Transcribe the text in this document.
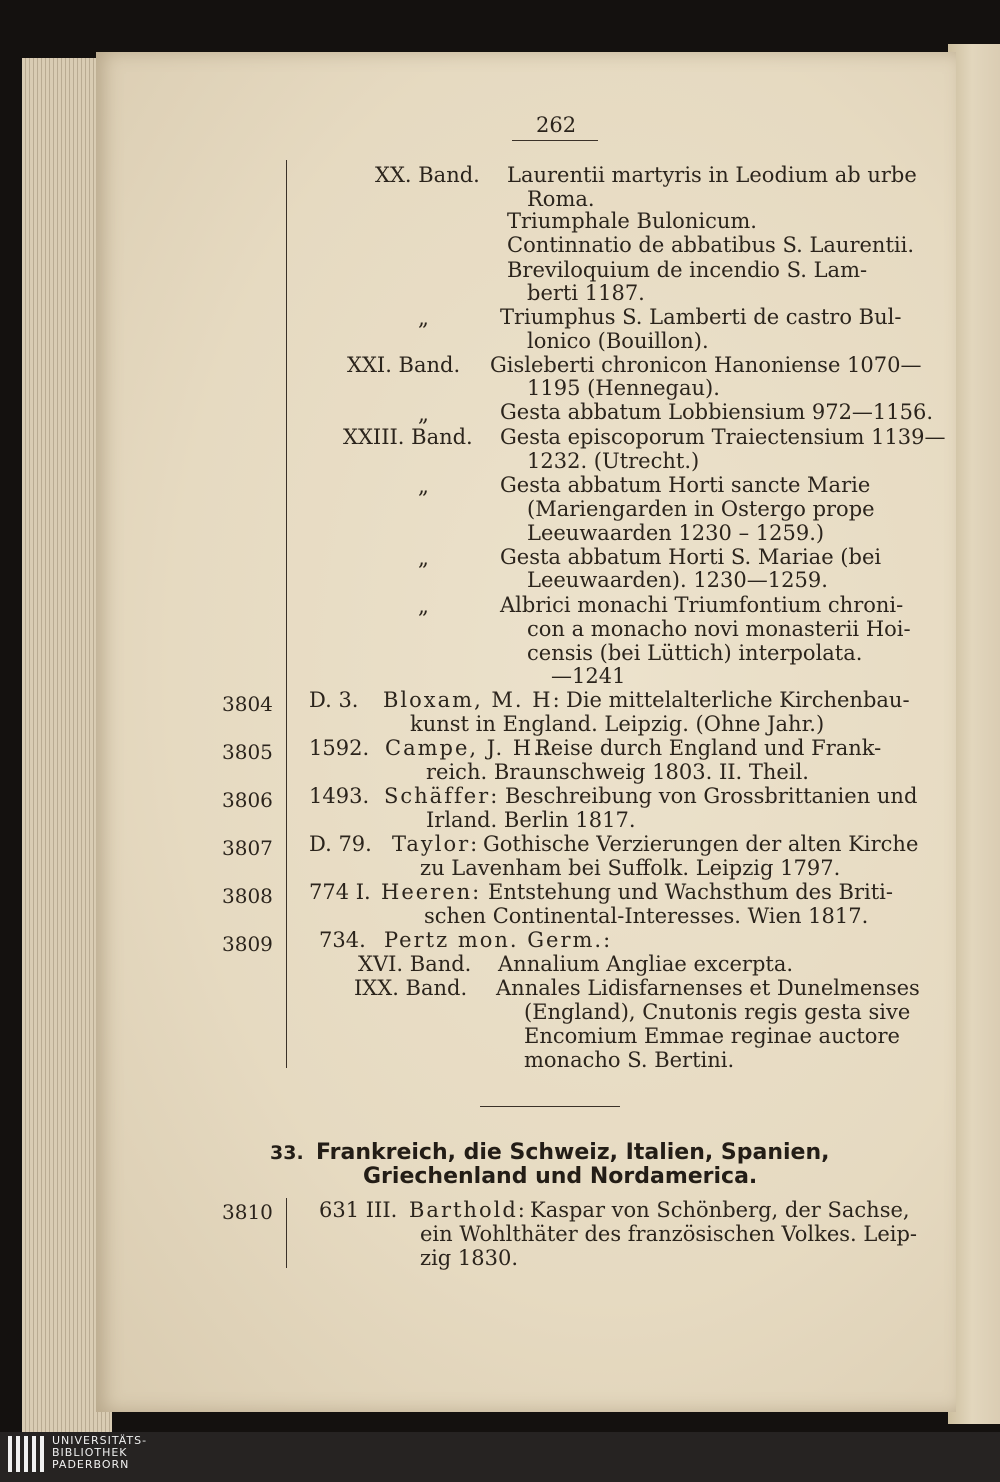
262
XX. Band. Laurentii martyris in Leodium ab urbe
Roma.
Triumphale Bulonicum.
Continnatio de abbatibus S. Laurentii.
Breviloquium de incendio S. Lam-
berti 1187.
„	Triumphus S. Lamberti de castro Bul-
lonico (Bouillon).
XXI. Band. Gisleberti chronicon Hanoniense 1070—
1195 (Hennegau).
„	Gesta abbatum Lobbiensium 972—1156.
XXIII. Band. Gesta episcoporum Traiectensium 1139—
1232. (Utrecht.)
„	Gesta abbatum Horti sancte Marie
(Mariengarden in Ostergo prope
Leeuwaarden 1230 – 1259.)
„	Gesta abbatum Horti S. Mariae (bei
Leeuwaarden). 1230—1259.
„	Albrici monachi Triumfontium chroni-
con a monacho novi monasterii Hoi-
censis (bei Lüttich) interpolata.
—1241
3804 D. 3. Bloxam, M. H: Die mittelalterliche Kirchenbau-
kunst in England. Leipzig. (Ohne Jahr.)
3805 1592. Campe, J. H.:
Reise durch England und Frank-
reich. Braunschweig 1803. II. Theil.
3806 1493. Schäffer: Beschreibung von Grossbrittanien und
Irland. Berlin 1817.
3807 D. 79. Taylor: Gothische Verzierungen der alten Kirche
zu Lavenham bei Suffolk. Leipzig 1797.
3808 774 I. Heeren: Entstehung und Wachsthum des Briti-
schen Continental-Interesses. Wien 1817.
3809 734. Pertz mon. Germ.:
XVI. Band. Annalium Angliae excerpta.
IXX. Band. Annales Lidisfarnenses et Dunelmenses
(England), Cnutonis regis gesta sive
Encomium Emmae reginae auctore
monacho S. Bertini.
33. Frankreich, die Schweiz, Italien, Spanien,
Griechenland und Nordamerica.
3810 631 III. Barthold: Kaspar von Schönberg, der Sachse,
ein Wohlthäter des französischen Volkes. Leip-
zig 1830.
UNIVERSITÄTS-
BIBLIOTHEK
PADERBORN
